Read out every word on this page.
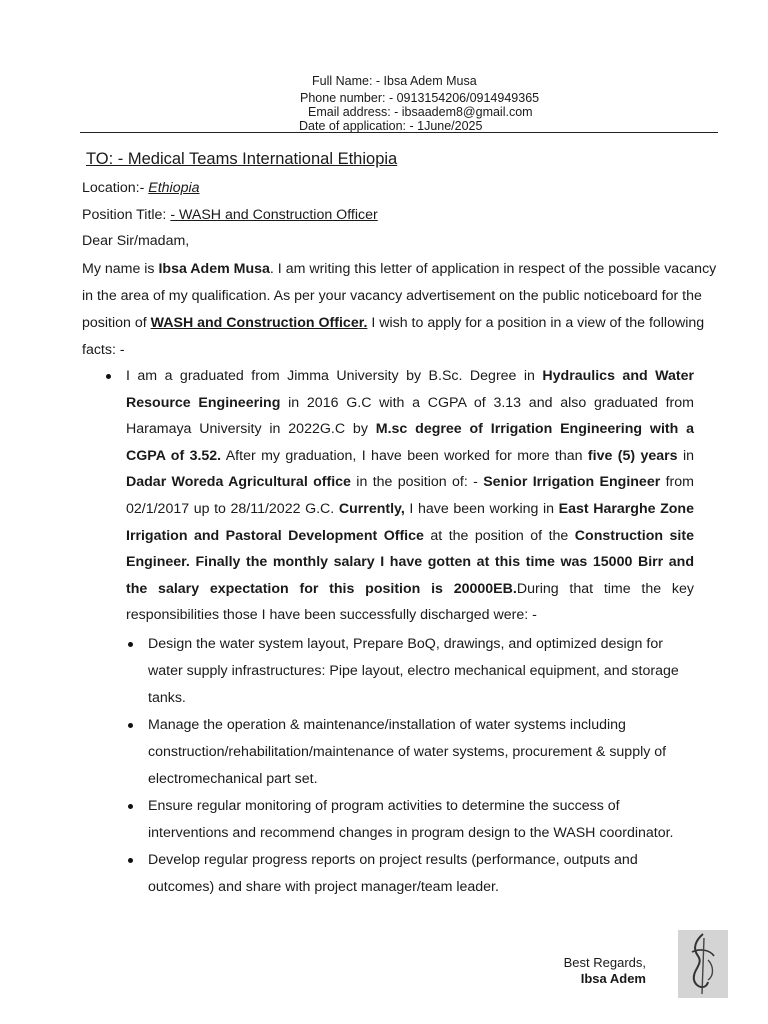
Full Name: - Ibsa Adem Musa
Phone number: - 0913154206/0914949365
Email address: - ibsaadem8@gmail.com
Date of application: - 1June/2025
TO: - Medical Teams International Ethiopia
Location:- Ethiopia
Position Title: - WASH and Construction Officer
Dear Sir/madam,
My name is Ibsa Adem Musa. I am writing this letter of application in respect of the possible vacancy in the area of my qualification. As per your vacancy advertisement on the public noticeboard for the position of WASH and Construction Officer. I wish to apply for a position in a view of the following facts: -
I am a graduated from Jimma University by B.Sc. Degree in Hydraulics and Water Resource Engineering in 2016 G.C with a CGPA of 3.13 and also graduated from Haramaya University in 2022G.C by M.sc degree of Irrigation Engineering with a CGPA of 3.52. After my graduation, I have been worked for more than five (5) years in Dadar Woreda Agricultural office in the position of: - Senior Irrigation Engineer from 02/1/2017 up to 28/11/2022 G.C. Currently, I have been working in East Hararghe Zone Irrigation and Pastoral Development Office at the position of the Construction site Engineer. Finally the monthly salary I have gotten at this time was 15000 Birr and the salary expectation for this position is 20000EB.During that time the key responsibilities those I have been successfully discharged were: -
Design the water system layout, Prepare BoQ, drawings, and optimized design for water supply infrastructures: Pipe layout, electro mechanical equipment, and storage tanks.
Manage the operation & maintenance/installation of water systems including construction/rehabilitation/maintenance of water systems, procurement & supply of electromechanical part set.
Ensure regular monitoring of program activities to determine the success of interventions and recommend changes in program design to the WASH coordinator.
Develop regular progress reports on project results (performance, outputs and outcomes) and share with project manager/team leader.
Best Regards,
Ibsa Adem
